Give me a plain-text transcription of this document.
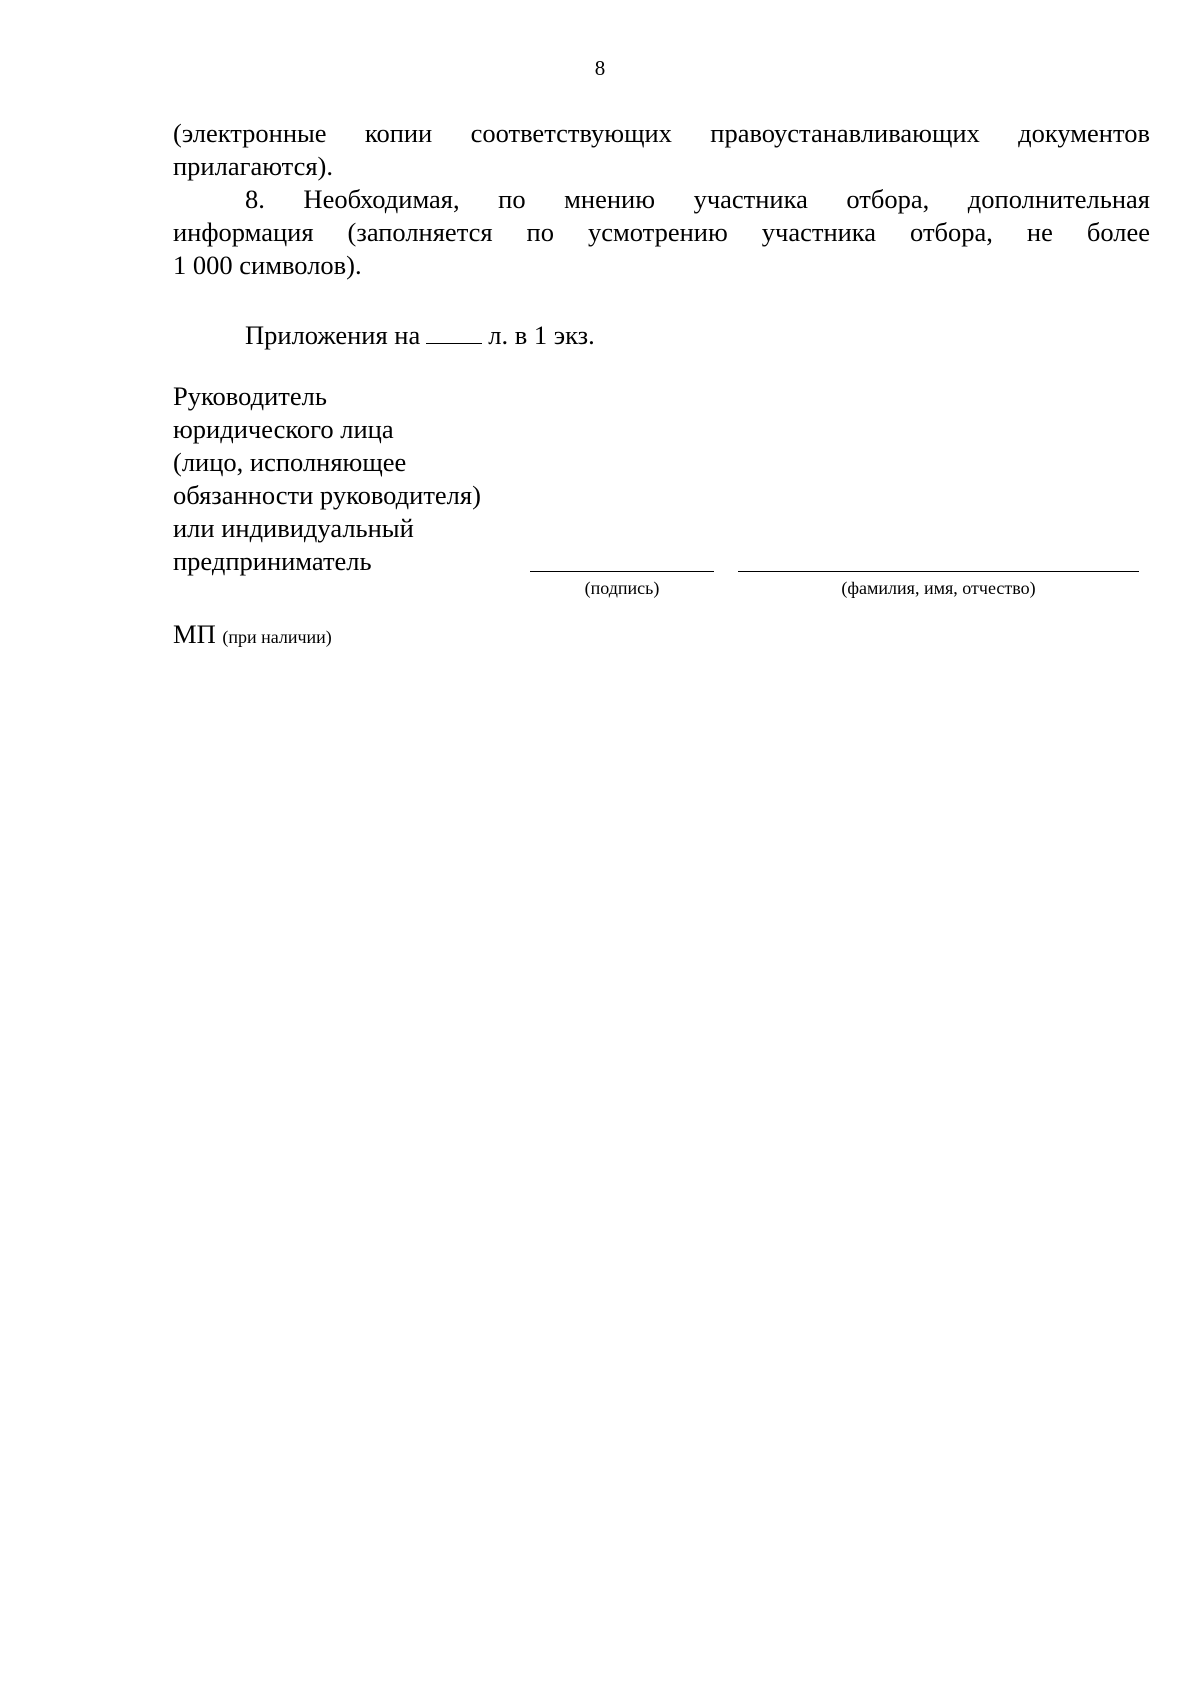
8
(электронные копии соответствующих правоустанавливающих документов
прилагаются).
8. Необходимая, по мнению участника отбора, дополнительная
информация (заполняется по усмотрению участника отбора, не более
1 000 символов).
Приложения на	л. в 1 экз.
Руководитель
юридического лица
(лицо, исполняющее
обязанности руководителя)
или индивидуальный
предприниматель
(подпись)	(фамилия, имя, отчество)
МП (при наличии)
